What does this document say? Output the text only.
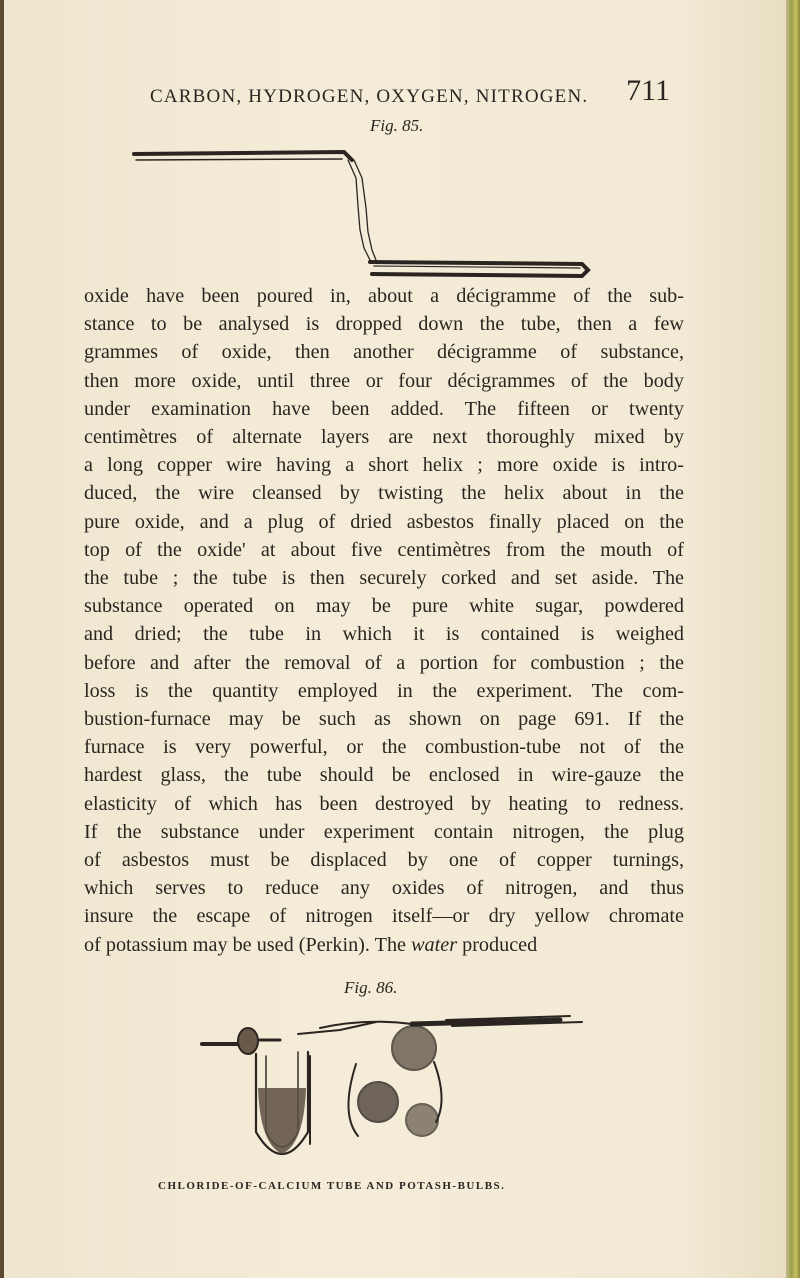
CARBON, HYDROGEN, OXYGEN, NITROGEN. 711
Fig. 85.
oxide have been poured in, about a décigramme of the sub-
stance to be analysed is dropped down the tube, then a few
grammes of oxide, then another décigramme of substance,
then more oxide, until three or four décigrammes of the body
under examination have been added. The fifteen or twenty
centimètres of alternate layers are next thoroughly mixed by
a long copper wire having a short helix ; more oxide is intro-
duced, the wire cleansed by twisting the helix about in the
pure oxide, and a plug of dried asbestos finally placed on the
top of the oxide' at about five centimètres from the mouth of
the tube ; the tube is then securely corked and set aside. The
substance operated on may be pure white sugar, powdered
and dried; the tube in which it is contained is weighed
before and after the removal of a portion for combustion ; the
loss is the quantity employed in the experiment. The com-
bustion-furnace may be such as shown on page 691. If the
furnace is very powerful, or the combustion-tube not of the
hardest glass, the tube should be enclosed in wire-gauze the
elasticity of which has been destroyed by heating to redness.
If the substance under experiment contain nitrogen, the plug
of asbestos must be displaced by one of copper turnings,
which serves to reduce any oxides of nitrogen, and thus
insure the escape of nitrogen itself—or dry yellow chromate
of potassium may be used (Perkin). The water produced
Fig. 86.
CHLORIDE-OF-CALCIUM TUBE AND POTASH-BULBS.
